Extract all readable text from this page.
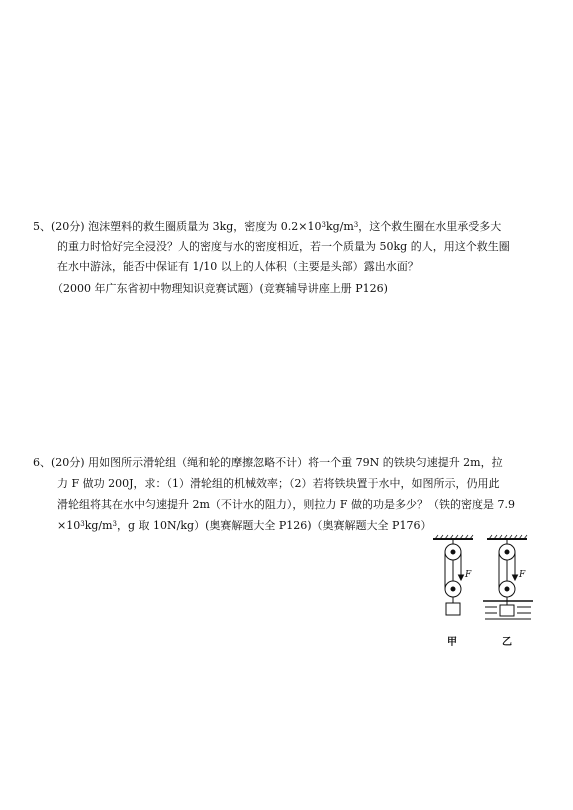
5、(20分) 泡沫塑料的救生圈质量为 3kg，密度为 $0.2\times 10^3kg/m^3$，这个救生圈在水里承受多大
的重力时恰好完全浸没？人的密度与水的密度相近，若一个质量为 50kg 的人，用这个救生圈
在水中游泳，能否中保证有 1/10 以上的人体积（主要是头部）露出水面？
（2000 年广东省初中物理知识竞赛试题）(竞赛辅导讲座上册 P126)
6、(20分) 用如图所示滑轮组（绳和轮的摩擦忽略不计）将一个重 79N 的铁块匀速提升 2m，拉
力 F 做功 200J，求：（1）滑轮组的机械效率；（2）若将铁块置于水中，如图所示，仍用此
滑轮组将其在水中匀速提升 2m（不计水的阻力），则拉力 F 做的功是多少？（铁的密度是 7.9
$\times 10^3kg/m^3$，g 取 10N/kg）(奥赛解题大全 P126)（奥赛解题大全 P176）
F	F
甲	乙
